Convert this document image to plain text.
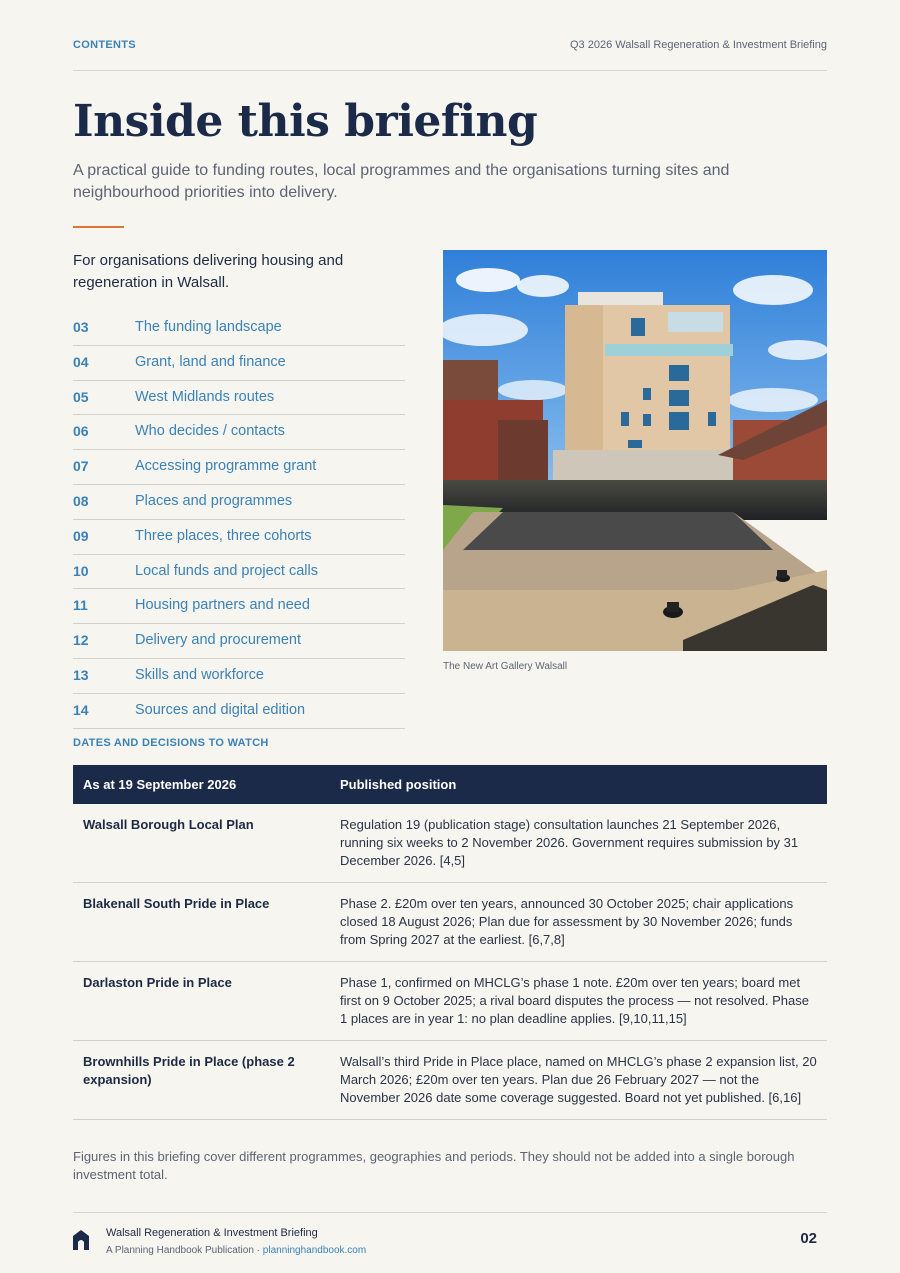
CONTENTS	Q3 2026 Walsall Regeneration & Investment Briefing
Inside this briefing

A practical guide to funding routes, local programmes and the organisations turning sites and neighbourhood priorities into delivery.

For organisations delivering housing and regeneration in Walsall.

03	The funding landscape
04	Grant, land and finance
05	West Midlands routes
06	Who decides / contacts
07	Accessing programme grant
08	Places and programmes
09	Three places, three cohorts
10	Local funds and project calls
11	Housing partners and need
12	Delivery and procurement
13	Skills and workforce
14	Sources and digital edition
The New Art Gallery Walsall
DATES AND DECISIONS TO WATCH
As at 19 September 2026	Published position
Walsall Borough Local Plan	Regulation 19 (publication stage) consultation launches 21 September 2026, running six weeks to 2 November 2026. Government requires submission by 31 December 2026. [4,5]
Blakenall South Pride in Place	Phase 2. £20m over ten years, announced 30 October 2025; chair applications closed 18 August 2026; Plan due for assessment by 30 November 2026; funds from Spring 2027 at the earliest. [6,7,8]
Darlaston Pride in Place	Phase 1, confirmed on MHCLG’s phase 1 note. £20m over ten years; board met first on 9 October 2025; a rival board disputes the process — not resolved. Phase 1 places are in year 1: no plan deadline applies. [9,10,11,15]
Brownhills Pride in Place (phase 2 expansion)	Walsall’s third Pride in Place place, named on MHCLG’s phase 2 expansion list, 20 March 2026; £20m over ten years. Plan due 26 February 2027 — not the November 2026 date some coverage suggested. Board not yet published. [6,16]

Figures in this briefing cover different programmes, geographies and periods. They should not be added into a single borough investment total.

Walsall Regeneration & Investment Briefing
A Planning Handbook Publication · planninghandbook.com
02
